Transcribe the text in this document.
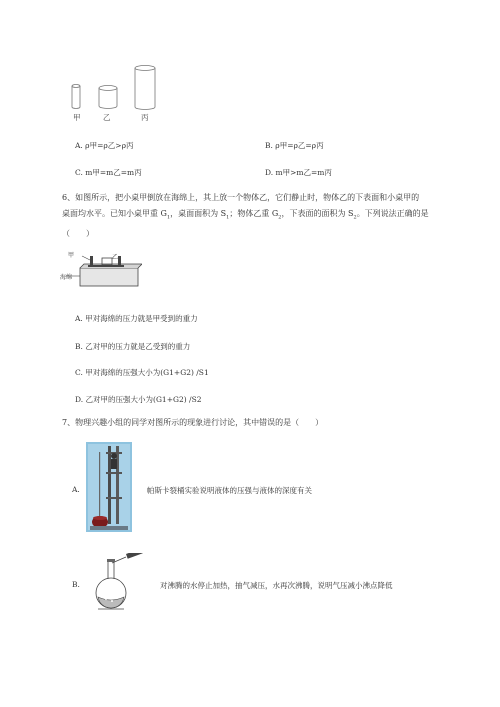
甲	乙	丙
A. ρ甲=ρ乙>ρ丙	B. ρ甲=ρ乙=ρ丙
C. m甲=m乙=m丙	D. m甲>m乙=m丙
6、如图所示，把小桌甲倒放在海绵上，其上放一个物体乙，它们静止时，物体乙的下表面和小桌甲的
桌面均水平。已知小桌甲重 $G_1$，桌面面积为 $S_1$；物体乙重 $G_2$，下表面的面积为 $S_2$。下列说法正确的是
（　　）
甲	乙
海绵
A. 甲对海绵的压力就是甲受到的重力
B. 乙对甲的压力就是乙受到的重力
C. 甲对海绵的压强大小为(G1+G2) /S1
D. 乙对甲的压强大小为(G1+G2) /S2
7、物理兴趣小组的同学对图所示的现象进行讨论，其中错误的是（　　）
A.	帕斯卡裂桶实验说明液体的压强与液体的深度有关
B.	对沸腾的水停止加热，抽气减压，水再次沸腾，说明气压减小沸点降低
